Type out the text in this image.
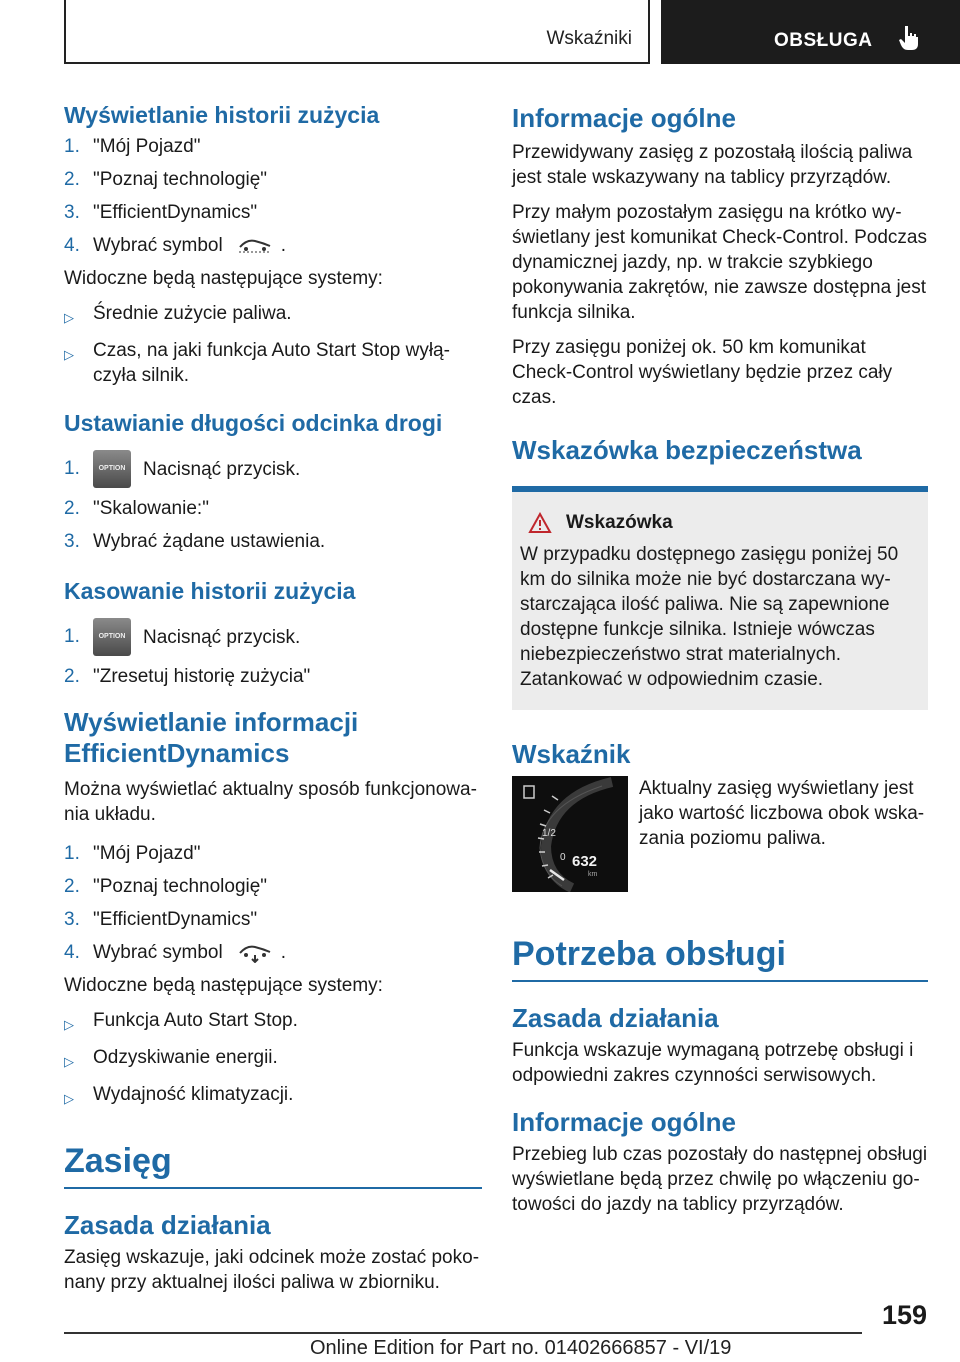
Wskaźniki	OBSŁUGA
Wyświetlanie historii zużycia
1. "Mój Pojazd"
2. "Poznaj technologię"
3. "EfficientDynamics"
4. Wybrać symbol	.

Widoczne będą następujące systemy:

▷	Średnie zużycie paliwa.
▷	Czas, na jaki funkcja Auto Start Stop wyłączyła silnik.
Ustawianie długości odcinka drogi
1.	OPTION Nacisnąć przycisk.
2. "Skalowanie:"
3. Wybrać żądane ustawienia.
Kasowanie historii zużycia
1.	OPTION Nacisnąć przycisk.
2. "Zresetuj historię zużycia"
Wyświetlanie informacji EfficientDynamics

Można wyświetlać aktualny sposób funkcjonowania układu.

1. "Mój Pojazd"
2. "Poznaj technologię"
3. "EfficientDynamics"
4. Wybrać symbol	.

Widoczne będą następujące systemy:

▷	Funkcja Auto Start Stop.
▷	Odzyskiwanie energii.
▷	Wydajność klimatyzacji.
Zasięg
Zasada działania

Zasięg wskazuje, jaki odcinek może zostać pokonany przy aktualnej ilości paliwa w zbiorniku.

Informacje ogólne

Przewidywany zasięg z pozostałą ilością paliwa jest stale wskazywany na tablicy przyrządów.

Przy małym pozostałym zasięgu na krótko wyświetlany jest komunikat Check-Control. Podczas dynamicznej jazdy, np. w trakcie szybkiego pokonywania zakrętów, nie zawsze dostępna jest funkcja silnika.

Przy zasięgu poniżej ok. 50 km komunikat Check-Control wyświetlany będzie przez cały czas.

Wskazówka bezpieczeństwa
Wskazówka

W przypadku dostępnego zasięgu poniżej 50 km do silnika może nie być dostarczana wystarczająca ilość paliwa. Nie są zapewnione dostępne funkcje silnika. Istnieje wówczas niebezpieczeństwo strat materialnych. Zatankować w odpowiednim czasie.

Wskaźnik
1/2
0 632
km

Aktualny zasięg wyświetlany jest jako wartość liczbowa obok wskazania poziomu paliwa.

Potrzeba obsługi
Zasada działania

Funkcja wskazuje wymaganą potrzebę obsługi i odpowiedni zakres czynności serwisowych.

Informacje ogólne

Przebieg lub czas pozostały do następnej obsługi wyświetlane będą przez chwilę po włączeniu gotowości do jazdy na tablicy przyrządów.

159
Online Edition for Part no. 01402666857 - VI/19
